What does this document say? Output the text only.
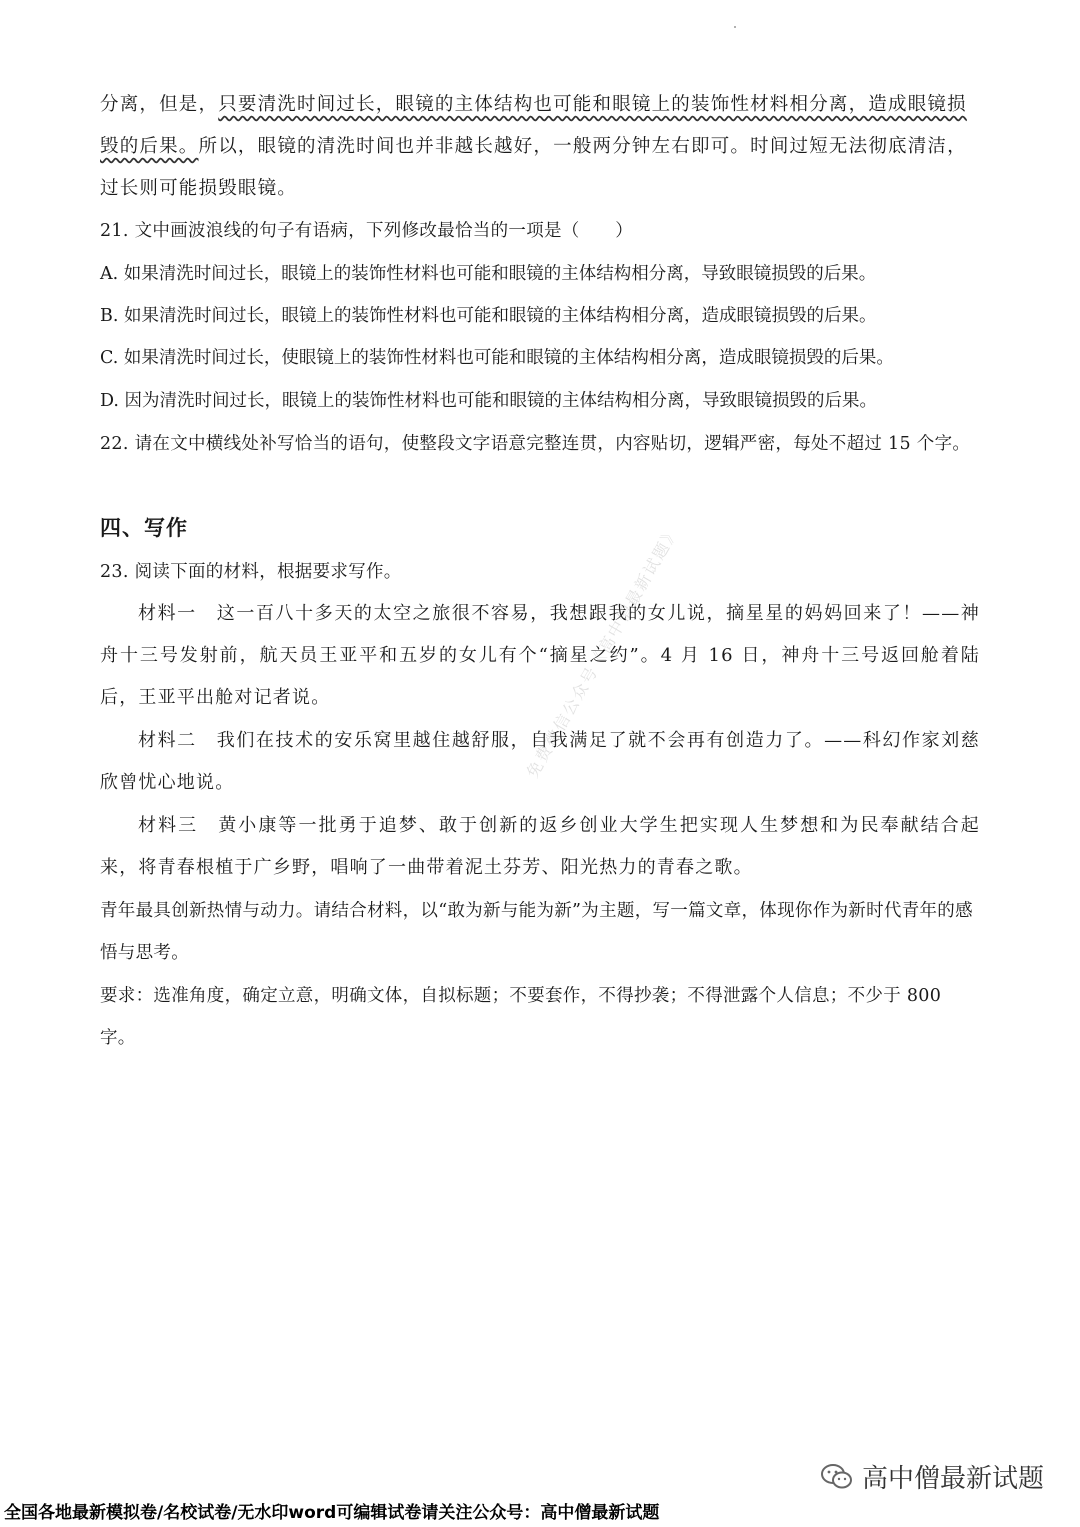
分离，但是，只要清洗时间过长，眼镜的主体结构也可能和眼镜上的装饰性材料相分离，造成眼镜损毁的后果。所以，眼镜的清洗时间也并非越长越好，一般两分钟左右即可。时间过短无法彻底清洁，过长则可能损毁眼镜。
21. 文中画波浪线的句子有语病，下列修改最恰当的一项是（　　）
A. 如果清洗时间过长，眼镜上的装饰性材料也可能和眼镜的主体结构相分离，导致眼镜损毁的后果。
B. 如果清洗时间过长，眼镜上的装饰性材料也可能和眼镜的主体结构相分离，造成眼镜损毁的后果。
C. 如果清洗时间过长，使眼镜上的装饰性材料也可能和眼镜的主体结构相分离，造成眼镜损毁的后果。
D. 因为清洗时间过长，眼镜上的装饰性材料也可能和眼镜的主体结构相分离，导致眼镜损毁的后果。
22. 请在文中横线处补写恰当的语句，使整段文字语意完整连贯，内容贴切，逻辑严密，每处不超过 15 个字。
四、写作
23. 阅读下面的材料，根据要求写作。
材料一 这一百八十多天的太空之旅很不容易，我想跟我的女儿说，摘星星的妈妈回来了！——神舟十三号发射前，航天员王亚平和五岁的女儿有个“摘星之约”。4 月 16 日，神舟十三号返回舱着陆后，王亚平出舱对记者说。
材料二 我们在技术的安乐窝里越住越舒服，自我满足了就不会再有创造力了。——科幻作家刘慈欣曾忧心地说。
材料三 黄小康等一批勇于追梦、敢于创新的返乡创业大学生把实现人生梦想和为民奉献结合起来，将青春根植于广乡野，唱响了一曲带着泥土芬芳、阳光热力的青春之歌。
青年最具创新热情与动力。请结合材料，以“敢为新与能为新”为主题，写一篇文章，体现你作为新时代青年的感悟与思考。
要求：选准角度，确定立意，明确文体，自拟标题；不要套作，不得抄袭；不得泄露个人信息；不少于 800 字。
免费微信公众号《高中僧最新试题》
高中僧最新试题
全国各地最新模拟卷/名校试卷/无水印word可编辑试卷请关注公众号：高中僧最新试题
